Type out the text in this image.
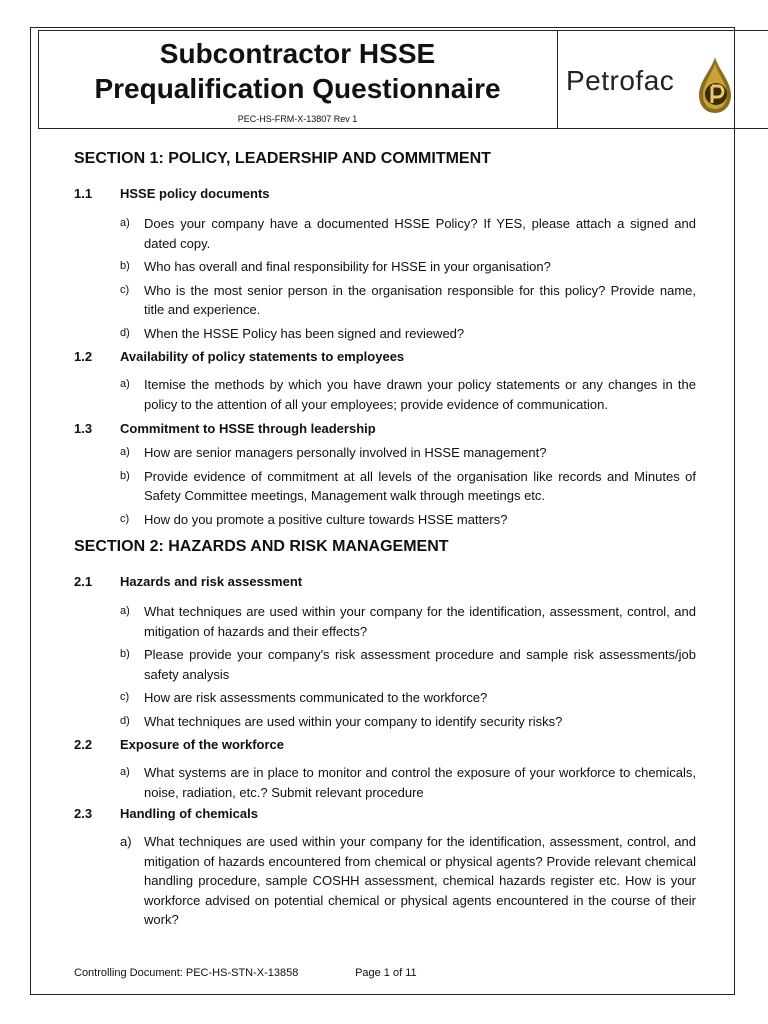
Subcontractor HSSE
Prequalification Questionnaire
PEC-HS-FRM-X-13807 Rev 1
Petrofac
SECTION 1: POLICY, LEADERSHIP AND COMMITMENT
1.1	HSSE policy documents
a)	Does your company have a documented HSSE Policy? If YES, please attach a signed and dated copy.
b)	Who has overall and final responsibility for HSSE in your organisation?
c)	Who is the most senior person in the organisation responsible for this policy? Provide name, title and experience.
d)	When the HSSE Policy has been signed and reviewed?
1.2	Availability of policy statements to employees
a)	Itemise the methods by which you have drawn your policy statements or any changes in the policy to the attention of all your employees; provide evidence of communication.
1.3	Commitment to HSSE through leadership
a)	How are senior managers personally involved in HSSE management?
b)	Provide evidence of commitment at all levels of the organisation like records and Minutes of Safety Committee meetings, Management walk through meetings etc.
c)	How do you promote a positive culture towards HSSE matters?
SECTION 2: HAZARDS AND RISK MANAGEMENT
2.1	Hazards and risk assessment
a)	What techniques are used within your company for the identification, assessment, control, and mitigation of hazards and their effects?
b)	Please provide your company's risk assessment procedure and sample risk assessments/job safety analysis
c)	How are risk assessments communicated to the workforce?
d)	What techniques are used within your company to identify security risks?
2.2	Exposure of the workforce
a)	What systems are in place to monitor and control the exposure of your workforce to chemicals, noise, radiation, etc.? Submit relevant procedure
2.3	Handling of chemicals
a) What techniques are used within your company for the identification, assessment, control, and mitigation of hazards encountered from chemical or physical agents? Provide relevant chemical handling procedure, sample COSHH assessment, chemical hazards register etc. How is your workforce advised on potential chemical or physical agents encountered in the course of their work?
Controlling Document: PEC-HS-STN-X-13858	Page 1 of 11
